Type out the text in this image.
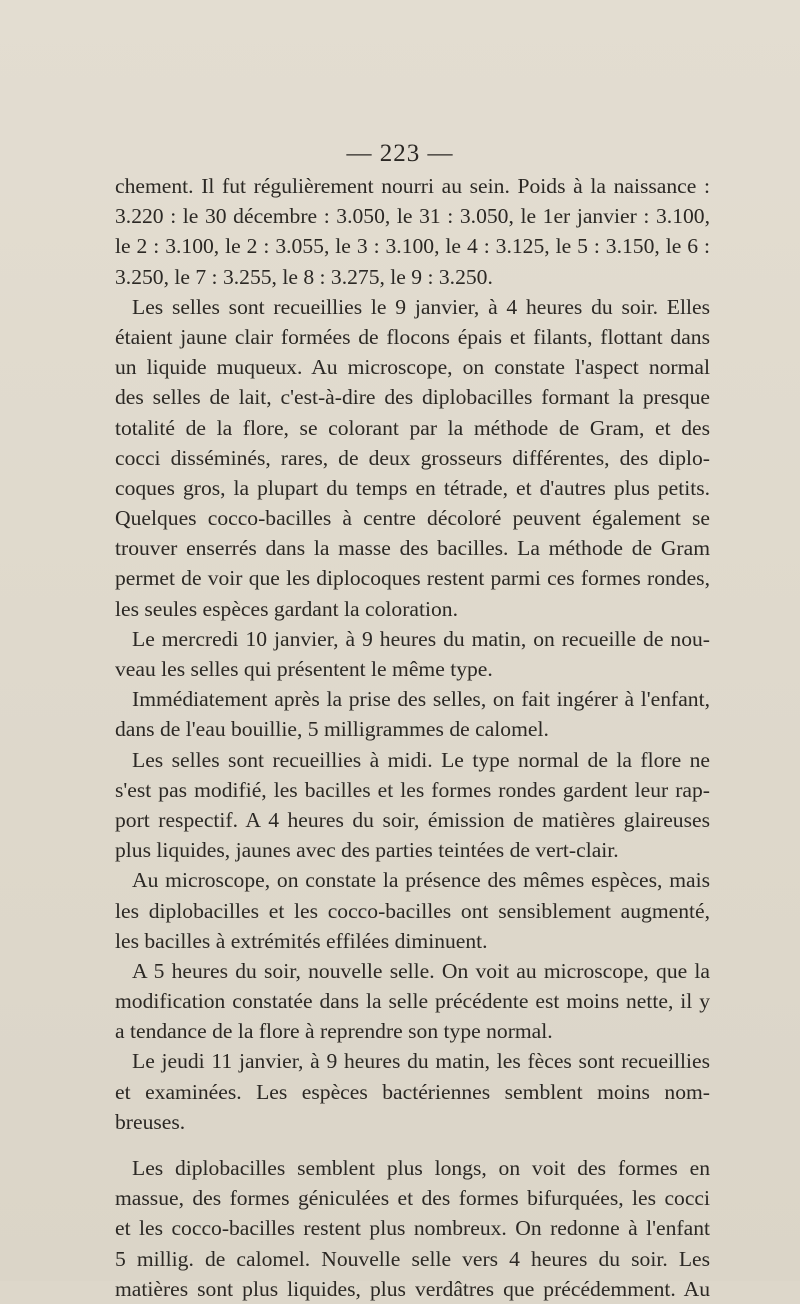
— 223 —
chement. Il fut régulièrement nourri au sein. Poids à la naissance :
3.220 : le 30 décembre : 3.050, le 31 : 3.050, le 1er janvier : 3.100,
le 2 : 3.100, le 2 : 3.055, le 3 : 3.100, le 4 : 3.125, le 5 : 3.150, le 6 :
3.250, le 7 : 3.255, le 8 : 3.275, le 9 : 3.250.
Les selles sont recueillies le 9 janvier, à 4 heures du soir. Elles
étaient jaune clair formées de flocons épais et filants, flottant dans
un liquide muqueux. Au microscope, on constate l'aspect normal
des selles de lait, c'est-à-dire des diplobacilles formant la presque
totalité de la flore, se colorant par la méthode de Gram, et des
cocci disséminés, rares, de deux grosseurs différentes, des diplo-
coques gros, la plupart du temps en tétrade, et d'autres plus petits.
Quelques cocco-bacilles à centre décoloré peuvent également se
trouver enserrés dans la masse des bacilles. La méthode de Gram
permet de voir que les diplocoques restent parmi ces formes rondes,
les seules espèces gardant la coloration.
Le mercredi 10 janvier, à 9 heures du matin, on recueille de nou-
veau les selles qui présentent le même type.
Immédiatement après la prise des selles, on fait ingérer à l'enfant,
dans de l'eau bouillie, 5 milligrammes de calomel.
Les selles sont recueillies à midi. Le type normal de la flore ne
s'est pas modifié, les bacilles et les formes rondes gardent leur rap-
port respectif. A 4 heures du soir, émission de matières glaireuses
plus liquides, jaunes avec des parties teintées de vert-clair.
Au microscope, on constate la présence des mêmes espèces, mais
les diplobacilles et les cocco-bacilles ont sensiblement augmenté,
les bacilles à extrémités effilées diminuent.
A 5 heures du soir, nouvelle selle. On voit au microscope, que la
modification constatée dans la selle précédente est moins nette, il y
a tendance de la flore à reprendre son type normal.
Le jeudi 11 janvier, à 9 heures du matin, les fèces sont recueillies
et examinées. Les espèces bactériennes semblent moins nom-
breuses.
Les diplobacilles semblent plus longs, on voit des formes en
massue, des formes géniculées et des formes bifurquées, les cocci
et les cocco-bacilles restent plus nombreux. On redonne à l'enfant
5 millig. de calomel. Nouvelle selle vers 4 heures du soir. Les
matières sont plus liquides, plus verdâtres que précédemment. Au
